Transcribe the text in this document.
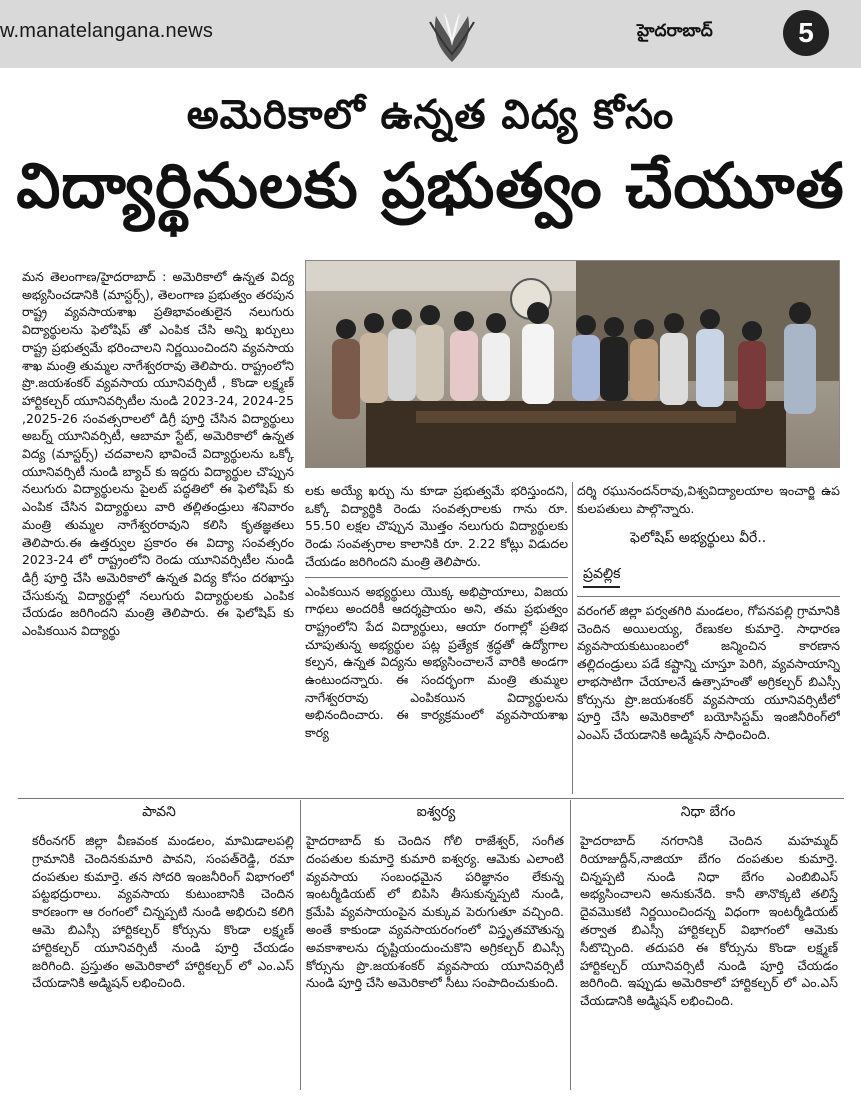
w.manatelangana.news	హైదరాబాద్	5
అమెరికాలో ఉన్నత విద్య కోసం
విద్యార్థినులకు ప్రభుత్వం చేయూత

మన తెలంగాణ/హైదరాబాద్ : అమెరికాలో ఉన్నత విద్య అభ్యసించడానికి (మాస్టర్స్), తెలంగాణ ప్రభుత్వం తరపున రాష్ట్ర వ్యవసాయశాఖ ప్రతిభావంతులైన నలుగురు విద్యార్థులను ఫెలోషిప్ తో ఎంపిక చేసి అన్ని ఖర్చులు రాష్ట్ర ప్రభుత్వమే భరించాలని నిర్ణయించిందని వ్యవసాయ శాఖ మంత్రి తుమ్మల నాగేశ్వరరావు తెలిపారు. రాష్ట్రంలోని ప్రొ.జయశంకర్ వ్యవసాయ యూనివర్సిటీ , కొండా లక్ష్మణ్ హార్టికల్చర్ యూనివర్సిటీల నుండి 2023-24, 2024-25 ,2025-26 సంవత్సరాలలో డిగ్రీ పూర్తి చేసిన విద్యార్థులు అబర్న్ యూనివర్సిటీ, ఆబామా స్టేట్, అమెరికాలో ఉన్నత విద్య (మాస్టర్స్) చదవాలని భావించే విద్యార్థులను ఒక్కో యూనివర్సిటీ నుండి బ్యాచ్ కు ఇద్దరు విద్యార్థుల చొప్పున నలుగురు విద్యార్థులను పైలట్ పద్ధతిలో ఈ ఫెలోషిప్ కు ఎంపిక చేసిన విద్యార్థులు వారి తల్లితండ్రులు శనివారం మంత్రి తుమ్మల నాగేశ్వరరావుని కలిసి కృతజ్ఞతలు తెలిపారు.ఈ ఉత్తర్వుల ప్రకారం ఈ విద్యా సంవత్సరం 2023-24 లో రాష్ట్రంలోని రెండు యూనివర్సిటీల నుండి డిగ్రీ పూర్తి చేసి అమెరికాలో ఉన్నత విద్య కోసం దరఖాస్తు చేసుకున్న విద్యార్థుల్లో నలుగురు విద్యార్థులకు ఎంపిక చేయడం జరిగిందని మంత్రి తెలిపారు. ఈ ఫెలోషిప్ కు ఎంపికయిన విద్యార్థు

లకు అయ్యే ఖర్చు ను కూడా ప్రభుత్వమే భరిస్తుందని, ఒక్కో విద్యార్థికి రెండు సంవత్సరాలకు గాను రూ. 55.50 లక్షల చొప్పున మొత్తం నలుగురు విద్యార్థులకు రెండు సంవత్సరాల కాలానికి రూ. 2.22 కోట్లు విడుదల చేయడం జరిగిందని మంత్రి తెలిపారు.

ఎంపికయిన అభ్యర్థులు యొక్క అభిప్రాయాలు, విజయ గాథలు అందరికీ ఆదర్శప్రాయం అని, తమ ప్రభుత్వం రాష్ట్రంలోని పేద విద్యార్థులు, ఆయా రంగాల్లో ప్రతిభ చూపుతున్న అభ్యర్థుల పట్ల ప్రత్యేక శ్రద్ధతో ఉద్యోగాల కల్పన, ఉన్నత విద్యను అభ్యసించాలనే వారికి అండగా ఉంటుందన్నారు. ఈ సందర్భంగా మంత్రి తుమ్మల నాగేశ్వరరావు ఎంపికయిన విద్యార్థులను అభినందించారు. ఈ కార్యక్రమంలో వ్యవసాయశాఖ కార్య

దర్శి రఘునందన్‌రావు,విశ్వవిద్యాలయాల ఇంచార్జి ఉప కులపతులు పాల్గొన్నారు.

ఫెలోషిప్ అభ్యర్థులు వీరే..
ప్రవల్లిక

వరంగల్ జిల్లా పర్వతగిరి మండలం, గోపనపల్లి గ్రామానికి చెందిన అయిలయ్య, రేణుకల కుమార్తె. సాధారణ వ్యవసాయకుటుంబంలో జన్మించిన కారణాన తల్లిదండ్రులు పడే కష్టాన్ని చూస్తూ పెరిగి, వ్యవసాయాన్ని లాభసాటిగా చేయాలనే ఉత్సాహంతో అగ్రికల్చర్ బిఎస్సీ కోర్సును ప్రొ.జయశంకర్ వ్యవసాయ యూనివర్సిటీలో పూర్తి చేసి అమెరికాలో బయోసిస్టమ్ ఇంజినీరింగ్‌లో ఎంఎస్ చేయడానికి అడ్మిషన్ సాధించింది.

పావని
కరీంనగర్ జిల్లా వీణవంక మండలం, మామిడాలపల్లి గ్రామానికి చెందినకుమారి పావని, సంపత్‌రెడ్డి, రమా దంపతుల కుమార్తె. తన సోదరి ఇంజనీరింగ్ విభాగంలో పట్టభద్రురాలు. వ్యవసాయ కుటుంబానికి చెందిన కారణంగా ఆ రంగంలో చిన్నప్పటి నుండి అభిరుచి కలిగి ఆమె బిఎస్సీ హార్టికల్చర్ కోర్సును కొండా లక్ష్మణ్ హార్టికల్చర్ యూనివర్సిటీ నుండి పూర్తి చేయడం జరిగింది. ప్రస్తుతం అమెరికాలో హార్టికల్చర్ లో ఎం.ఎస్ చేయడానికి అడ్మిషన్ లభించింది.
ఐశ్వర్య
హైదరాబాద్ కు చెందిన గోలి రాజేశ్వర్, సంగీత దంపతుల కుమార్తె కుమారి ఐశ్వర్య. ఆమెకు ఎలాంటి వ్యవసాయ సంబంధమైన పరిజ్ఞానం లేకున్న ఇంటర్మీడియట్ లో బిపిసి తీసుకున్నప్పటి నుండి, క్రమేపి వ్యవసాయంపైన మక్కువ పెరుగుతూ వచ్చింది. అంతే కాకుండా వ్యవసాయరంగంలో విస్తృతమౌతున్న అవకాశాలను దృష్టియందుంచుకొని అగ్రికల్చర్ బిఎస్సీ కోర్సును ప్రొ.జయశంకర్ వ్యవసాయ యూనివర్సిటీ నుండి పూర్తి చేసి అమెరికాలో సీటు సంపాదించుకుంది.
నిధా బేగం
హైదరాబాద్ నగరానికి చెందిన మహమ్మద్ రియాజుద్దీన్,నాజియా బేగం దంపతుల కుమార్తె. చిన్నప్పటి నుండి నిధా బేగం ఎంబిబిఎస్ అభ్యసించాలని అనుకునేది. కానీ తానొక్కటి తలిస్తే దైవమొకటి నిర్ణయించిందన్న విధంగా ఇంటర్మీడియట్ తర్వాత బిఎస్సీ హార్టికల్చర్ విభాగంలో ఆమెకు సీటొచ్చింది. తదుపరి ఈ కోర్సును కొండా లక్ష్మణ్ హార్టికల్చర్ యూనివర్సిటీ నుండి పూర్తి చేయడం జరిగింది. ఇప్పుడు అమెరికాలో హార్టికల్చర్ లో ఎం.ఎస్ చేయడానికి అడ్మిషన్ లభించింది.
